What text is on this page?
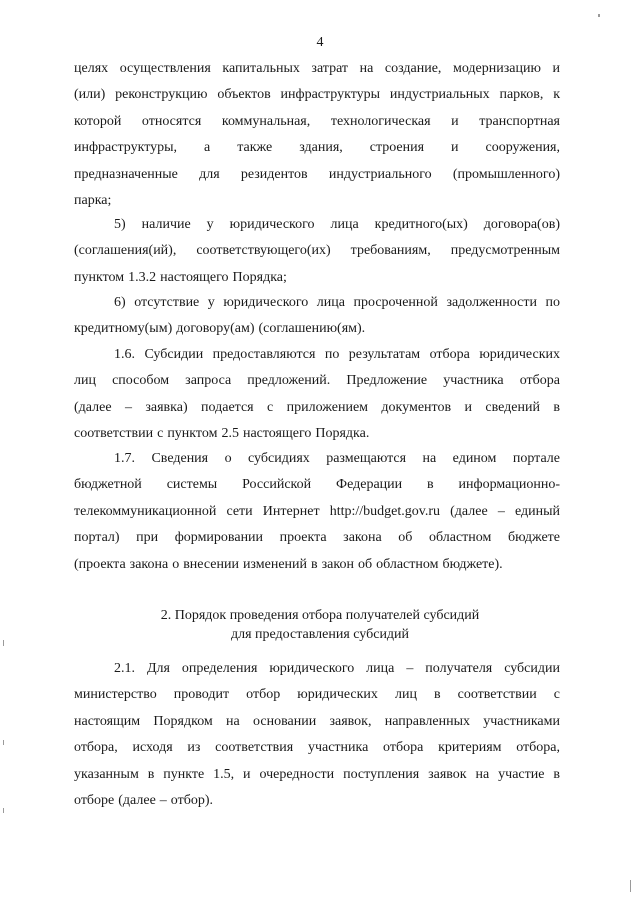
4
целях осуществления капитальных затрат на создание, модернизацию и
(или) реконструкцию объектов инфраструктуры индустриальных парков, к
которой относятся коммунальная, технологическая и транспортная
инфраструктуры, а также здания, строения и сооружения,
предназначенные для резидентов индустриального (промышленного)
парка;
5) наличие у юридического лица кредитного(ых) договора(ов)
(соглашения(ий), соответствующего(их) требованиям, предусмотренным
пунктом 1.3.2 настоящего Порядка;
6) отсутствие у юридического лица просроченной задолженности по
кредитному(ым) договору(ам) (соглашению(ям).
1.6. Субсидии предоставляются по результатам отбора юридических
лиц способом запроса предложений. Предложение участника отбора
(далее – заявка) подается с приложением документов и сведений в
соответствии с пунктом 2.5 настоящего Порядка.
1.7. Сведения о субсидиях размещаются на едином портале
бюджетной системы Российской Федерации в информационно-
телекоммуникационной сети Интернет http://budget.gov.ru (далее – единый
портал) при формировании проекта закона об областном бюджете
(проекта закона о внесении изменений в закон об областном бюджете).
2. Порядок проведения отбора получателей субсидий
для предоставления субсидий
2.1. Для определения юридического лица – получателя субсидии
министерство проводит отбор юридических лиц в соответствии с
настоящим Порядком на основании заявок, направленных участниками
отбора, исходя из соответствия участника отбора критериям отбора,
указанным в пункте 1.5, и очередности поступления заявок на участие в
отборе (далее – отбор).
